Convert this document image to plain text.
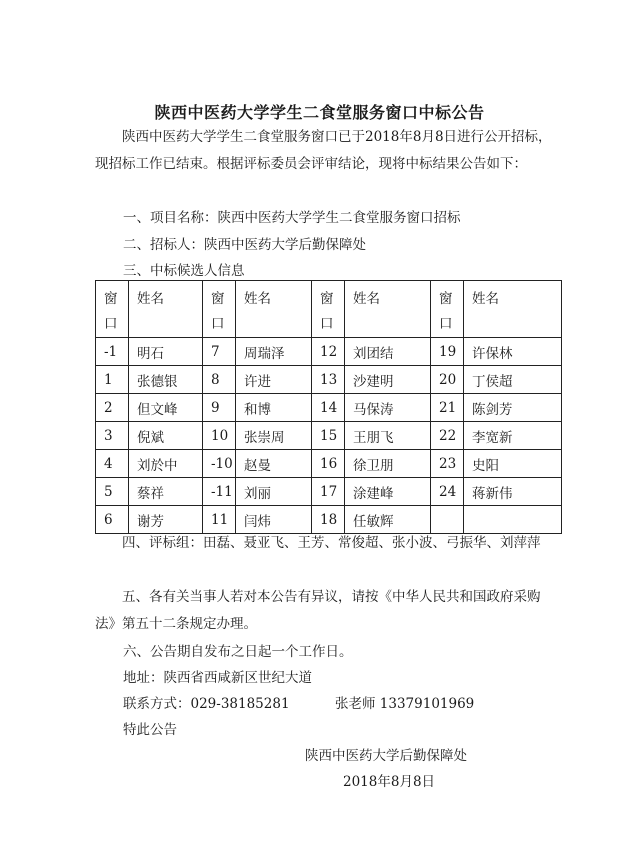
陕西中医药大学学生二食堂服务窗口中标公告

陕西中医药大学学生二食堂服务窗口已于2018年8月8日进行公开招标，现招标工作已结束。根据评标委员会评审结论，现将中标结果公告如下：

一、项目名称：陕西中医药大学学生二食堂服务窗口招标
二、招标人：陕西中医药大学后勤保障处
三、中标候选人信息
窗口	姓名	窗口	姓名	窗口	姓名	窗口	姓名
-1	明石	7	周瑞泽	12	刘团结	19	许保林
1	张德银	8	许进	13	沙建明	20	丁侯超
2	但文峰	9	和博	14	马保涛	21	陈剑芳
3	倪斌	10	张崇周	15	王朋飞	22	李宽新
4	刘於中	-10	赵曼	16	徐卫朋	23	史阳
5	蔡祥	-11	刘丽	17	涂建峰	24	蒋新伟
6	谢芳	11	闫炜	18	任敏辉		

四、评标组：田磊、聂亚飞、王芳、常俊超、张小波、弓振华、刘萍萍

五、各有关当事人若对本公告有异议，请按《中华人民共和国政府采购法》第五十二条规定办理。

六、公告期自发布之日起一个工作日。
地址：陕西省西咸新区世纪大道
联系方式：029-38185281	张老师 13379101969
特此公告
陕西中医药大学后勤保障处
2018年8月8日
